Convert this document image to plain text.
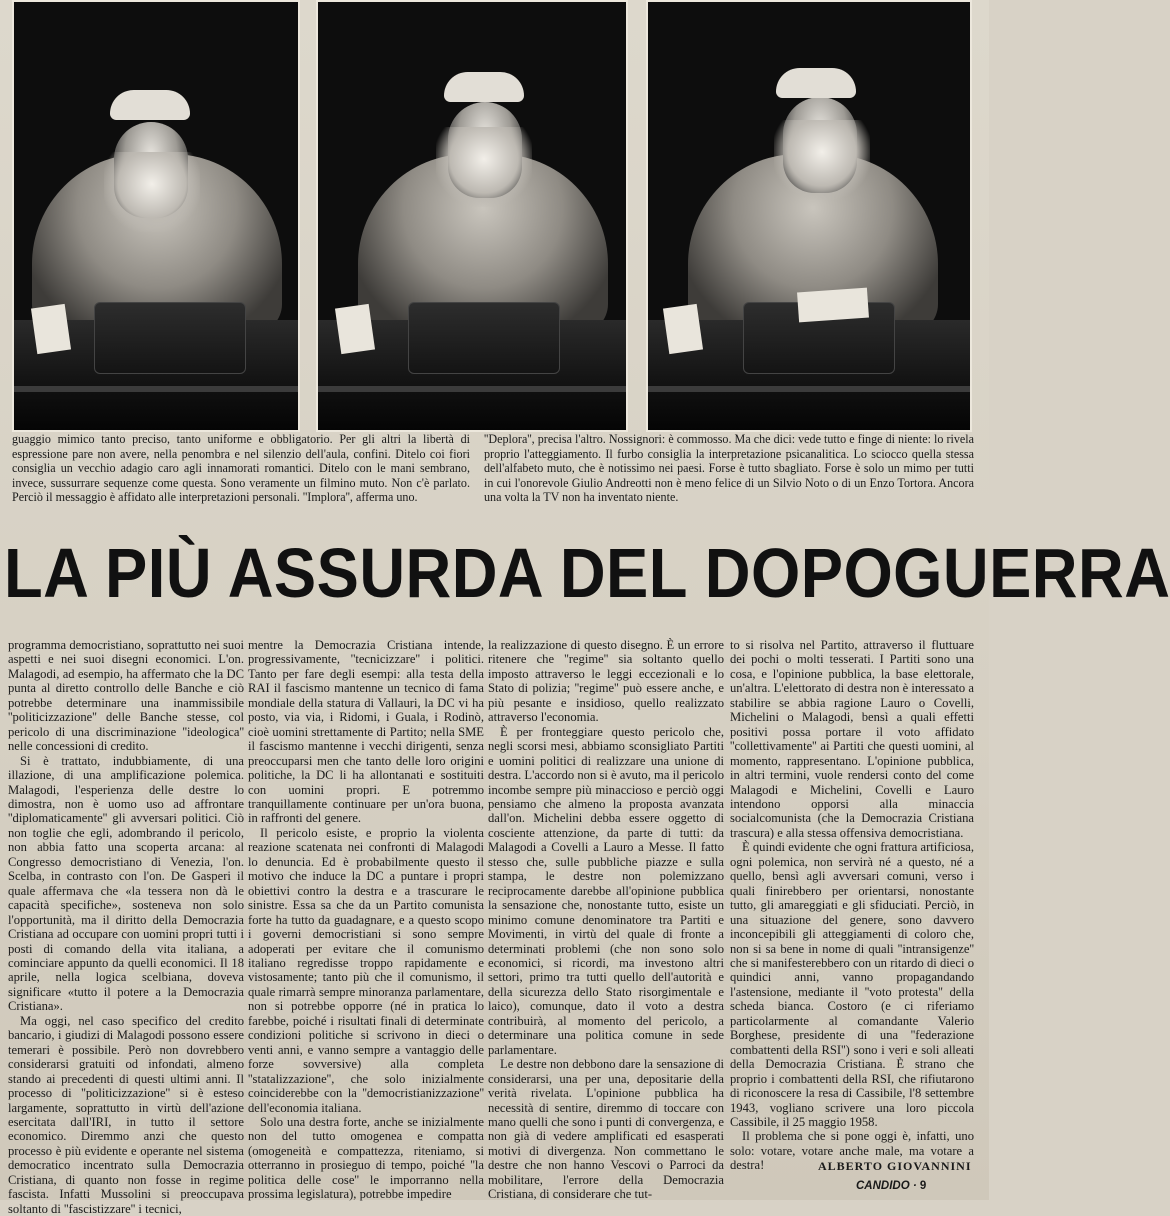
guaggio mimico tanto preciso, tanto uniforme e obbligatorio. Per gli altri la libertà di espressione pare non avere, nella penombra e nel silenzio dell'aula, confini. Ditelo coi fiori consiglia un vecchio adagio caro agli innamorati romantici. Ditelo con le mani sembrano, invece, sussurrare sequenze come questa. Sono veramente un filmino muto. Non c'è parlato. Perciò il messaggio è affidato alle interpretazioni personali. ''Implora'', afferma uno.

''Deplora'', precisa l'altro. Nossignori: è commosso. Ma che dici: vede tutto e finge di niente: lo rivela proprio l'atteggiamento. Il furbo consiglia la interpretazione psicanalitica. Lo sciocco quella stessa dell'alfabeto muto, che è notissimo nei paesi. Forse è tutto sbagliato. Forse è solo un mimo per tutti in cui l'onorevole Giulio Andreotti non è meno felice di un Silvio Noto o di un Enzo Tortora. Ancora una volta la TV non ha inventato niente.

LA PIÙ ASSURDA DEL DOPOGUERRA

programma democristiano, soprattutto nei suoi aspetti e nei suoi disegni economici. L'on. Malagodi, ad esempio, ha affermato che la DC punta al diretto controllo delle Banche e ciò potrebbe determinare una inammissibile ''politicizzazione'' delle Banche stesse, col pericolo di una discriminazione ''ideologica'' nelle concessioni di credito.

Si è trattato, indubbiamente, di una illazione, di una amplificazione polemica. Malagodi, l'esperienza delle destre lo dimostra, non è uomo uso ad affrontare ''diplomaticamente'' gli avversari politici. Ciò non toglie che egli, adombrando il pericolo, non abbia fatto una scoperta arcana: al Congresso democristiano di Venezia, l'on. Scelba, in contrasto con l'on. De Gasperi il quale affermava che «la tessera non dà le capacità specifiche», sosteneva non solo l'opportunità, ma il diritto della Democrazia Cristiana ad occupare con uomini propri tutti i posti di comando della vita italiana, a cominciare appunto da quelli economici. Il 18 aprile, nella logica scelbiana, doveva significare «tutto il potere a la Democrazia Cristiana».

Ma oggi, nel caso specifico del credito bancario, i giudizi di Malagodi possono essere temerari è possibile. Però non dovrebbero considerarsi gratuiti od infondati, almeno stando ai precedenti di questi ultimi anni. Il processo di ''politicizzazione'' si è esteso largamente, soprattutto in virtù dell'azione esercitata dall'IRI, in tutto il settore economico. Diremmo anzi che questo processo è più evidente e operante nel sistema democratico incentrato sulla Democrazia Cristiana, di quanto non fosse in regime fascista. Infatti Mussolini si preoccupava soltanto di ''fascistizzare'' i tecnici,

mentre la Democrazia Cristiana intende, progressivamente, ''tecnicizzare'' i politici. Tanto per fare degli esempi: alla testa della RAI il fascismo mantenne un tecnico di fama mondiale della statura di Vallauri, la DC vi ha posto, via via, i Ridomi, i Guala, i Rodinò, cioè uomini strettamente di Partito; nella SME il fascismo mantenne i vecchi dirigenti, senza preoccuparsi men che tanto delle loro origini politiche, la DC li ha allontanati e sostituiti con uomini propri. E potremmo tranquillamente continuare per un'ora buona, in raffronti del genere.

Il pericolo esiste, e proprio la violenta reazione scatenata nei confronti di Malagodi lo denuncia. Ed è probabilmente questo il motivo che induce la DC a puntare i propri obiettivi contro la destra e a trascurare le sinistre. Essa sa che da un Partito comunista forte ha tutto da guadagnare, e a questo scopo i governi democristiani si sono sempre adoperati per evitare che il comunismo italiano regredisse troppo rapidamente e vistosamente; tanto più che il comunismo, il quale rimarrà sempre minoranza parlamentare, non si potrebbe opporre (né in pratica lo farebbe, poiché i risultati finali di determinate condizioni politiche si scrivono in dieci o venti anni, e vanno sempre a vantaggio delle forze sovversive) alla completa ''statalizzazione'', che solo inizialmente coinciderebbe con la ''democristianizzazione'' dell'economia italiana.

Solo una destra forte, anche se inizialmente non del tutto omogenea e compatta (omogeneità e compattezza, riteniamo, si otterranno in prosieguo di tempo, poiché ''la politica delle cose'' le imporranno nella prossima legislatura), potrebbe impedire

la realizzazione di questo disegno. È un errore ritenere che ''regime'' sia soltanto quello imposto attraverso le leggi eccezionali e lo Stato di polizia; ''regime'' può essere anche, e più pesante e insidioso, quello realizzato attraverso l'economia.

È per fronteggiare questo pericolo che, negli scorsi mesi, abbiamo sconsigliato Partiti e uomini politici di realizzare una unione di destra. L'accordo non si è avuto, ma il pericolo incombe sempre più minaccioso e perciò oggi pensiamo che almeno la proposta avanzata dall'on. Michelini debba essere oggetto di cosciente attenzione, da parte di tutti: da Malagodi a Covelli a Lauro a Messe. Il fatto stesso che, sulle pubbliche piazze e sulla stampa, le destre non polemizzano reciprocamente darebbe all'opinione pubblica la sensazione che, nonostante tutto, esiste un minimo comune denominatore tra Partiti e Movimenti, in virtù del quale di fronte a determinati problemi (che non sono solo economici, si ricordi, ma investono altri settori, primo tra tutti quello dell'autorità e della sicurezza dello Stato risorgimentale e laico), comunque, dato il voto a destra contribuirà, al momento del pericolo, a determinare una politica comune in sede parlamentare.

Le destre non debbono dare la sensazione di considerarsi, una per una, depositarie della verità rivelata. L'opinione pubblica ha necessità di sentire, diremmo di toccare con mano quelli che sono i punti di convergenza, e non già di vedere amplificati ed esasperati motivi di divergenza. Non commettano le destre che non hanno Vescovi o Parroci da mobilitare, l'errore della Democrazia Cristiana, di considerare che tut-

to si risolva nel Partito, attraverso il fluttuare dei pochi o molti tesserati. I Partiti sono una cosa, e l'opinione pubblica, la base elettorale, un'altra. L'elettorato di destra non è interessato a stabilire se abbia ragione Lauro o Covelli, Michelini o Malagodi, bensì a quali effetti positivi possa portare il voto affidato ''collettivamente'' ai Partiti che questi uomini, al momento, rappresentano. L'opinione pubblica, in altri termini, vuole rendersi conto del come Malagodi e Michelini, Covelli e Lauro intendono opporsi alla minaccia socialcomunista (che la Democrazia Cristiana trascura) e alla stessa offensiva democristiana.

È quindi evidente che ogni frattura artificiosa, ogni polemica, non servirà né a questo, né a quello, bensì agli avversari comuni, verso i quali finirebbero per orientarsi, nonostante tutto, gli amareggiati e gli sfiduciati. Perciò, in una situazione del genere, sono davvero inconcepibili gli atteggiamenti di coloro che, non si sa bene in nome di quali ''intransigenze'' che si manifesterebbero con un ritardo di dieci o quindici anni, vanno propagandando l'astensione, mediante il ''voto protesta'' della scheda bianca. Costoro (e ci riferiamo particolarmente al comandante Valerio Borghese, presidente di una ''federazione combattenti della RSI'') sono i veri e soli alleati della Democrazia Cristiana. È strano che proprio i combattenti della RSI, che rifiutarono di riconoscere la resa di Cassibile, l'8 settembre 1943, vogliano scrivere una loro piccola Cassibile, il 25 maggio 1958.

Il problema che si pone oggi è, infatti, uno solo: votare, votare anche male, ma votare a destra!	ALBERTO GIOVANNINI
CANDIDO · 9
